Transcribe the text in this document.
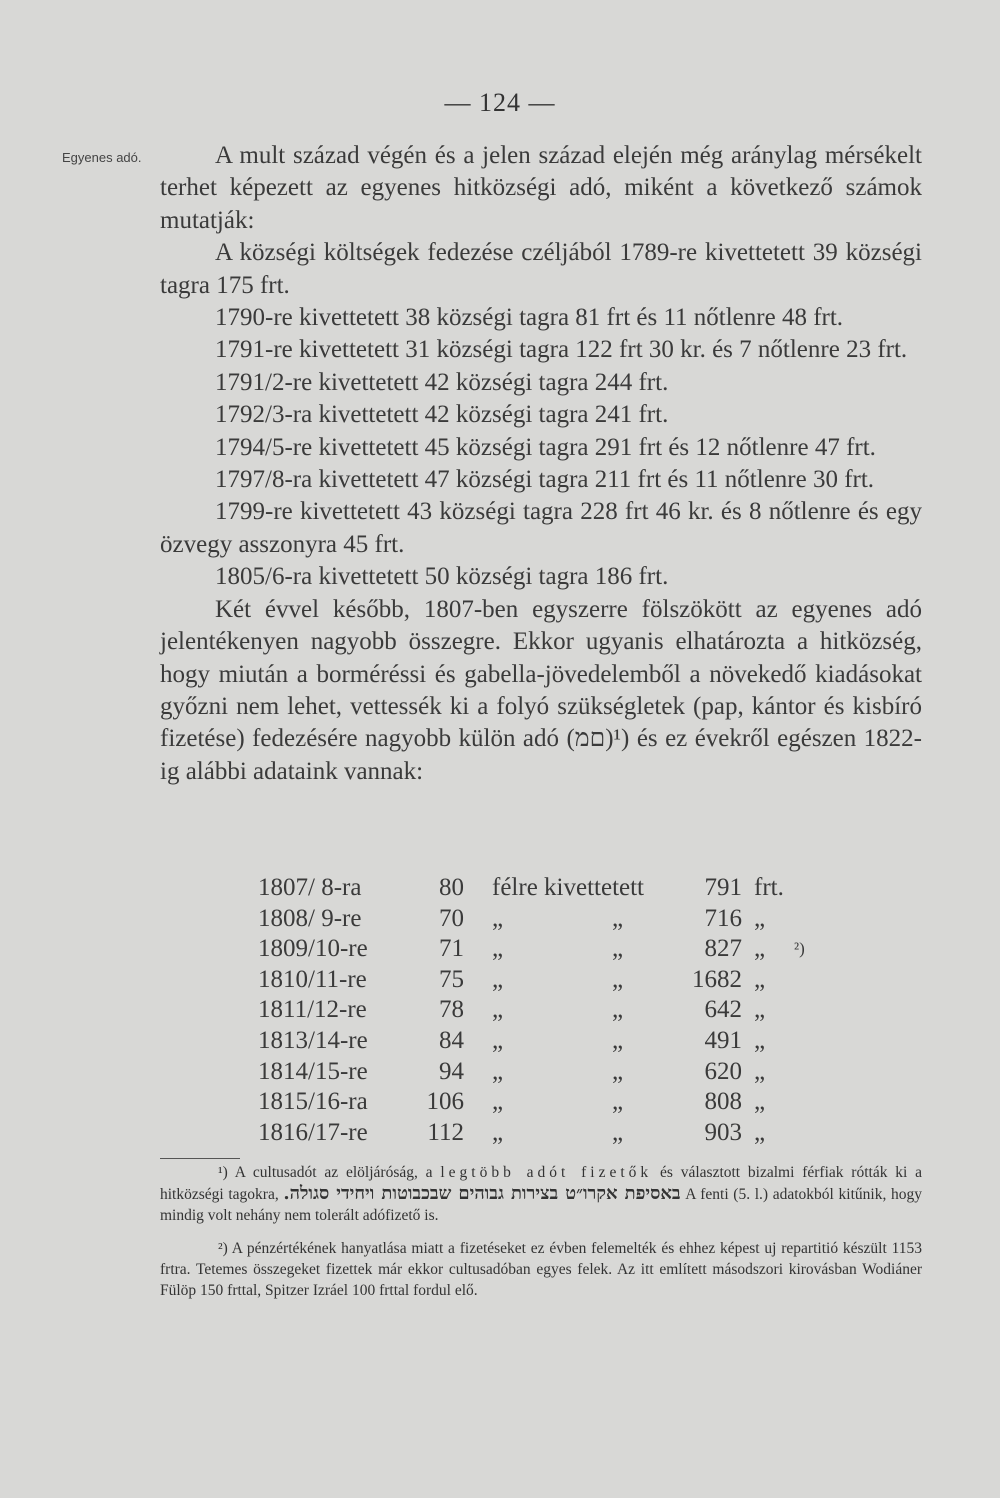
— 124 —
Egyenes adó.	A mult század végén és a jelen század elején még aránylag mérsékelt terhet képezett az egyenes hitközségi adó, miként a következő számok mutatják:

A községi költségek fedezése czéljából 1789-re kivettetett 39 községi tagra 175 frt.

1790-re kivettetett 38 községi tagra 81 frt és 11 nőtlenre 48 frt.

1791-re kivettetett 31 községi tagra 122 frt 30 kr. és 7 nőtlenre 23 frt.

1791/2-re kivettetett 42 községi tagra 244 frt.

1792/3-ra kivettetett 42 községi tagra 241 frt.

1794/5-re kivettetett 45 községi tagra 291 frt és 12 nőtlenre 47 frt.

1797/8-ra kivettetett 47 községi tagra 211 frt és 11 nőtlenre 30 frt.

1799-re kivettetett 43 községi tagra 228 frt 46 kr. és 8 nőtlenre és egy özvegy asszonyra 45 frt.

1805/6-ra kivettetett 50 községi tagra 186 frt.

Két évvel később, 1807-ben egyszerre fölszökött az egyenes adó jelentékenyen nagyobb összegre. Ekkor ugyanis elhatározta a hitközség, hogy miután a borméréssi és gabella-jövedelemből a növekedő kiadásokat győzni nem lehet, vettessék ki a folyó szükségletek (pap, kántor és kisbíró fizetése) fedezésére nagyobb külön adó (םמ)¹) és ez évekről egészen 1822-ig alábbi adataink vannak:

1807/ 8-ra	80	félre kivettetett		791	frt.	
1808/ 9-re	70	„	„	716	„	
1809/10-re	71	„	„	827	„	²)
1810/11-re	75	„	„	1682	„	
1811/12-re	78	„	„	642	„	
1813/14-re	84	„	„	491	„	
1814/15-re	94	„	„	620	„	
1815/16-ra	106	„	„	808	„	
1816/17-re	112	„	„	903	„	

¹) A cultusadót az elöljáróság, a legtöbb adót fizetők és választott bizalmi férfiak rótták ki a hitközségi tagokra, באסיפת אקרו״ט בצירות גבוהים שבכבוטות ויחידי סגולה. A fenti (5. l.) adatokból kitűnik, hogy mindig volt nehány nem tolerált adófizető is.

²) A pénzértékének hanyatlása miatt a fizetéseket ez évben felemelték és ehhez képest uj repartitió készült 1153 frtra. Tetemes összegeket fizettek már ekkor cultusadóban egyes felek. Az itt említett másodszori kirovásban Wodiáner Fülöp 150 frttal, Spitzer Izráel 100 frttal fordul elő.
